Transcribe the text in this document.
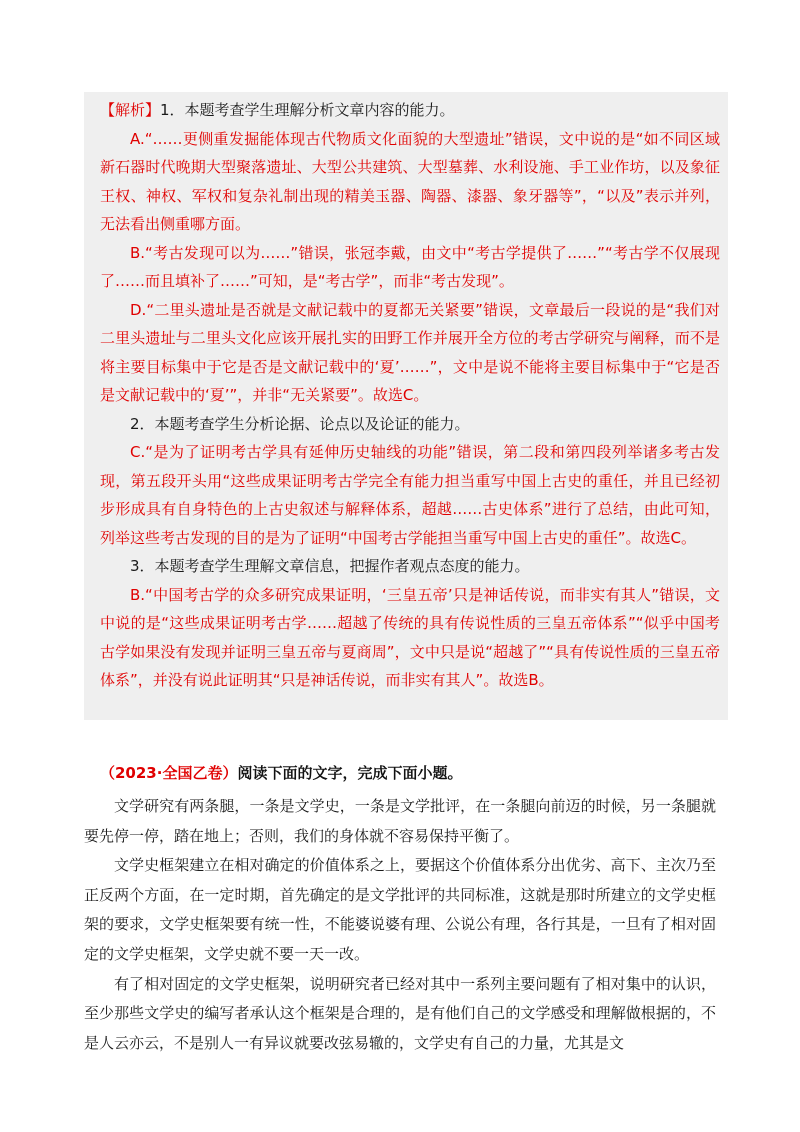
【解析】1．本题考查学生理解分析文章内容的能力。

A.“……更侧重发掘能体现古代物质文化面貌的大型遗址”错误，文中说的是“如不同区域新石器时代晚期大型聚落遗址、大型公共建筑、大型墓葬、水利设施、手工业作坊，以及象征王权、神权、军权和复杂礼制出现的精美玉器、陶器、漆器、象牙器等”，“以及”表示并列，无法看出侧重哪方面。

B.“考古发现可以为……”错误，张冠李戴，由文中“考古学提供了……”“考古学不仅展现了……而且填补了……”可知，是“考古学”，而非“考古发现”。

D.“二里头遗址是否就是文献记载中的夏都无关紧要”错误，文章最后一段说的是“我们对二里头遗址与二里头文化应该开展扎实的田野工作并展开全方位的考古学研究与阐释，而不是将主要目标集中于它是否是文献记载中的‘夏’……”，文中是说不能将主要目标集中于“它是否是文献记载中的‘夏’”，并非“无关紧要”。故选C。

2．本题考查学生分析论据、论点以及论证的能力。

C.“是为了证明考古学具有延伸历史轴线的功能”错误，第二段和第四段列举诸多考古发现，第五段开头用“这些成果证明考古学完全有能力担当重写中国上古史的重任，并且已经初步形成具有自身特色的上古史叙述与解释体系，超越……古史体系”进行了总结，由此可知，列举这些考古发现的目的是为了证明“中国考古学能担当重写中国上古史的重任”。故选C。

3．本题考查学生理解文章信息，把握作者观点态度的能力。

B.“中国考古学的众多研究成果证明，‘三皇五帝’只是神话传说，而非实有其人”错误，文中说的是“这些成果证明考古学……超越了传统的具有传说性质的三皇五帝体系”“似乎中国考古学如果没有发现并证明三皇五帝与夏商周”，文中只是说“超越了”“具有传说性质的三皇五帝体系”，并没有说此证明其“只是神话传说，而非实有其人”。故选B。

（2023·全国乙卷）阅读下面的文字，完成下面小题。

文学研究有两条腿，一条是文学史，一条是文学批评，在一条腿向前迈的时候，另一条腿就要先停一停，踏在地上；否则，我们的身体就不容易保持平衡了。

文学史框架建立在相对确定的价值体系之上，要据这个价值体系分出优劣、高下、主次乃至正反两个方面，在一定时期，首先确定的是文学批评的共同标准，这就是那时所建立的文学史框架的要求，文学史框架要有统一性，不能婆说婆有理、公说公有理，各行其是，一旦有了相对固定的文学史框架，文学史就不要一天一改。

有了相对固定的文学史框架，说明研究者已经对其中一系列主要问题有了相对集中的认识，至少那些文学史的编写者承认这个框架是合理的，是有他们自己的文学感受和理解做根据的，不是人云亦云，不是别人一有异议就要改弦易辙的，文学史有自己的力量，尤其是文
